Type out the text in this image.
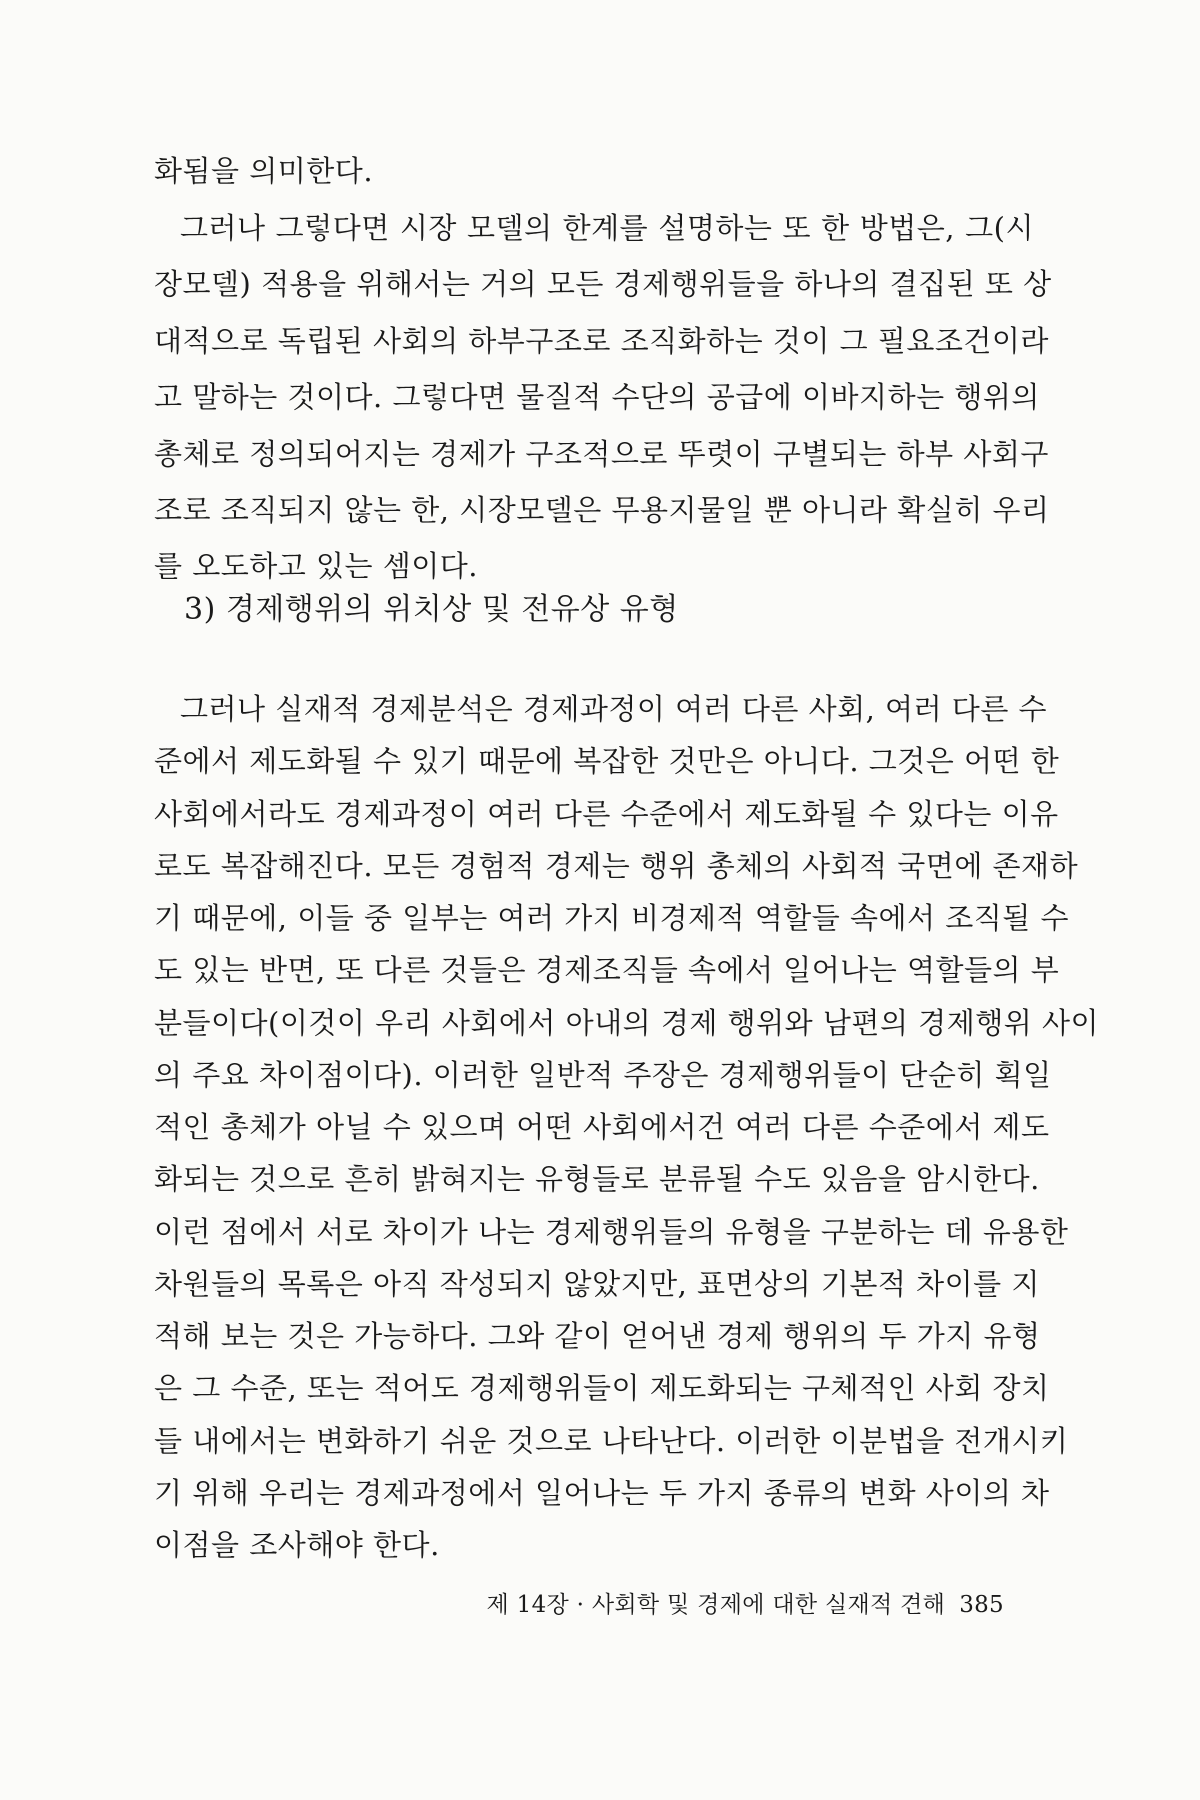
화됨을 의미한다.
그러나 그렇다면 시장 모델의 한계를 설명하는 또 한 방법은, 그(시
장모델) 적용을 위해서는 거의 모든 경제행위들을 하나의 결집된 또 상
대적으로 독립된 사회의 하부구조로 조직화하는 것이 그 필요조건이라
고 말하는 것이다. 그렇다면 물질적 수단의 공급에 이바지하는 행위의
총체로 정의되어지는 경제가 구조적으로 뚜렷이 구별되는 하부 사회구
조로 조직되지 않는 한, 시장모델은 무용지물일 뿐 아니라 확실히 우리
를 오도하고 있는 셈이다.
3) 경제행위의 위치상 및 전유상 유형
그러나 실재적 경제분석은 경제과정이 여러 다른 사회, 여러 다른 수
준에서 제도화될 수 있기 때문에 복잡한 것만은 아니다. 그것은 어떤 한
사회에서라도 경제과정이 여러 다른 수준에서 제도화될 수 있다는 이유
로도 복잡해진다. 모든 경험적 경제는 행위 총체의 사회적 국면에 존재하
기 때문에, 이들 중 일부는 여러 가지 비경제적 역할들 속에서 조직될 수
도 있는 반면, 또 다른 것들은 경제조직들 속에서 일어나는 역할들의 부
분들이다(이것이 우리 사회에서 아내의 경제 행위와 남편의 경제행위 사이
의 주요 차이점이다). 이러한 일반적 주장은 경제행위들이 단순히 획일
적인 총체가 아닐 수 있으며 어떤 사회에서건 여러 다른 수준에서 제도
화되는 것으로 흔히 밝혀지는 유형들로 분류될 수도 있음을 암시한다.
이런 점에서 서로 차이가 나는 경제행위들의 유형을 구분하는 데 유용한
차원들의 목록은 아직 작성되지 않았지만, 표면상의 기본적 차이를 지
적해 보는 것은 가능하다. 그와 같이 얻어낸 경제 행위의 두 가지 유형
은 그 수준, 또는 적어도 경제행위들이 제도화되는 구체적인 사회 장치
들 내에서는 변화하기 쉬운 것으로 나타난다. 이러한 이분법을 전개시키
기 위해 우리는 경제과정에서 일어나는 두 가지 종류의 변화 사이의 차
이점을 조사해야 한다.
제 14장 · 사회학 및 경제에 대한 실재적 견해 385
